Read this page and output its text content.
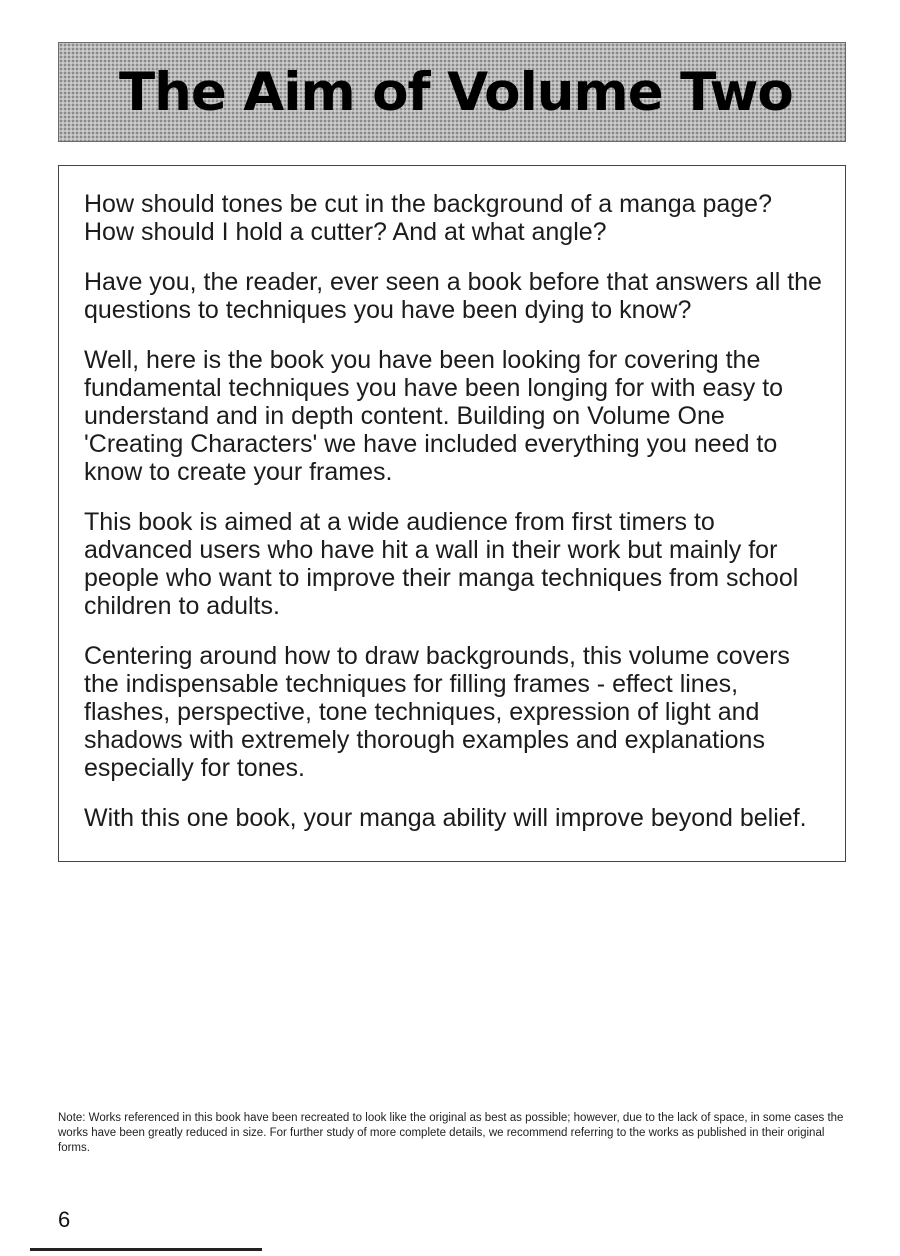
The Aim of Volume Two

How should tones be cut in the background of a manga page? How should I hold a cutter? And at what angle?

Have you, the reader, ever seen a book before that answers all the questions to techniques you have been dying to know?

Well, here is the book you have been looking for covering the fundamental techniques you have been longing for with easy to understand and in depth content. Building on Volume One 'Creating Characters' we have included everything you need to know to create your frames.

This book is aimed at a wide audience from first timers to advanced users who have hit a wall in their work but mainly for people who want to improve their manga techniques from school children to adults.

Centering around how to draw backgrounds, this volume covers the indispensable techniques for filling frames - effect lines, flashes, perspective, tone techniques, expression of light and shadows with extremely thorough examples and explanations especially for tones.

With this one book, your manga ability will improve beyond belief.

Note: Works referenced in this book have been recreated to look like the original as best as possible; however, due to the lack of space, in some cases the works have been greatly reduced in size. For further study of more complete details, we recommend referring to the works as published in their original forms.

6
